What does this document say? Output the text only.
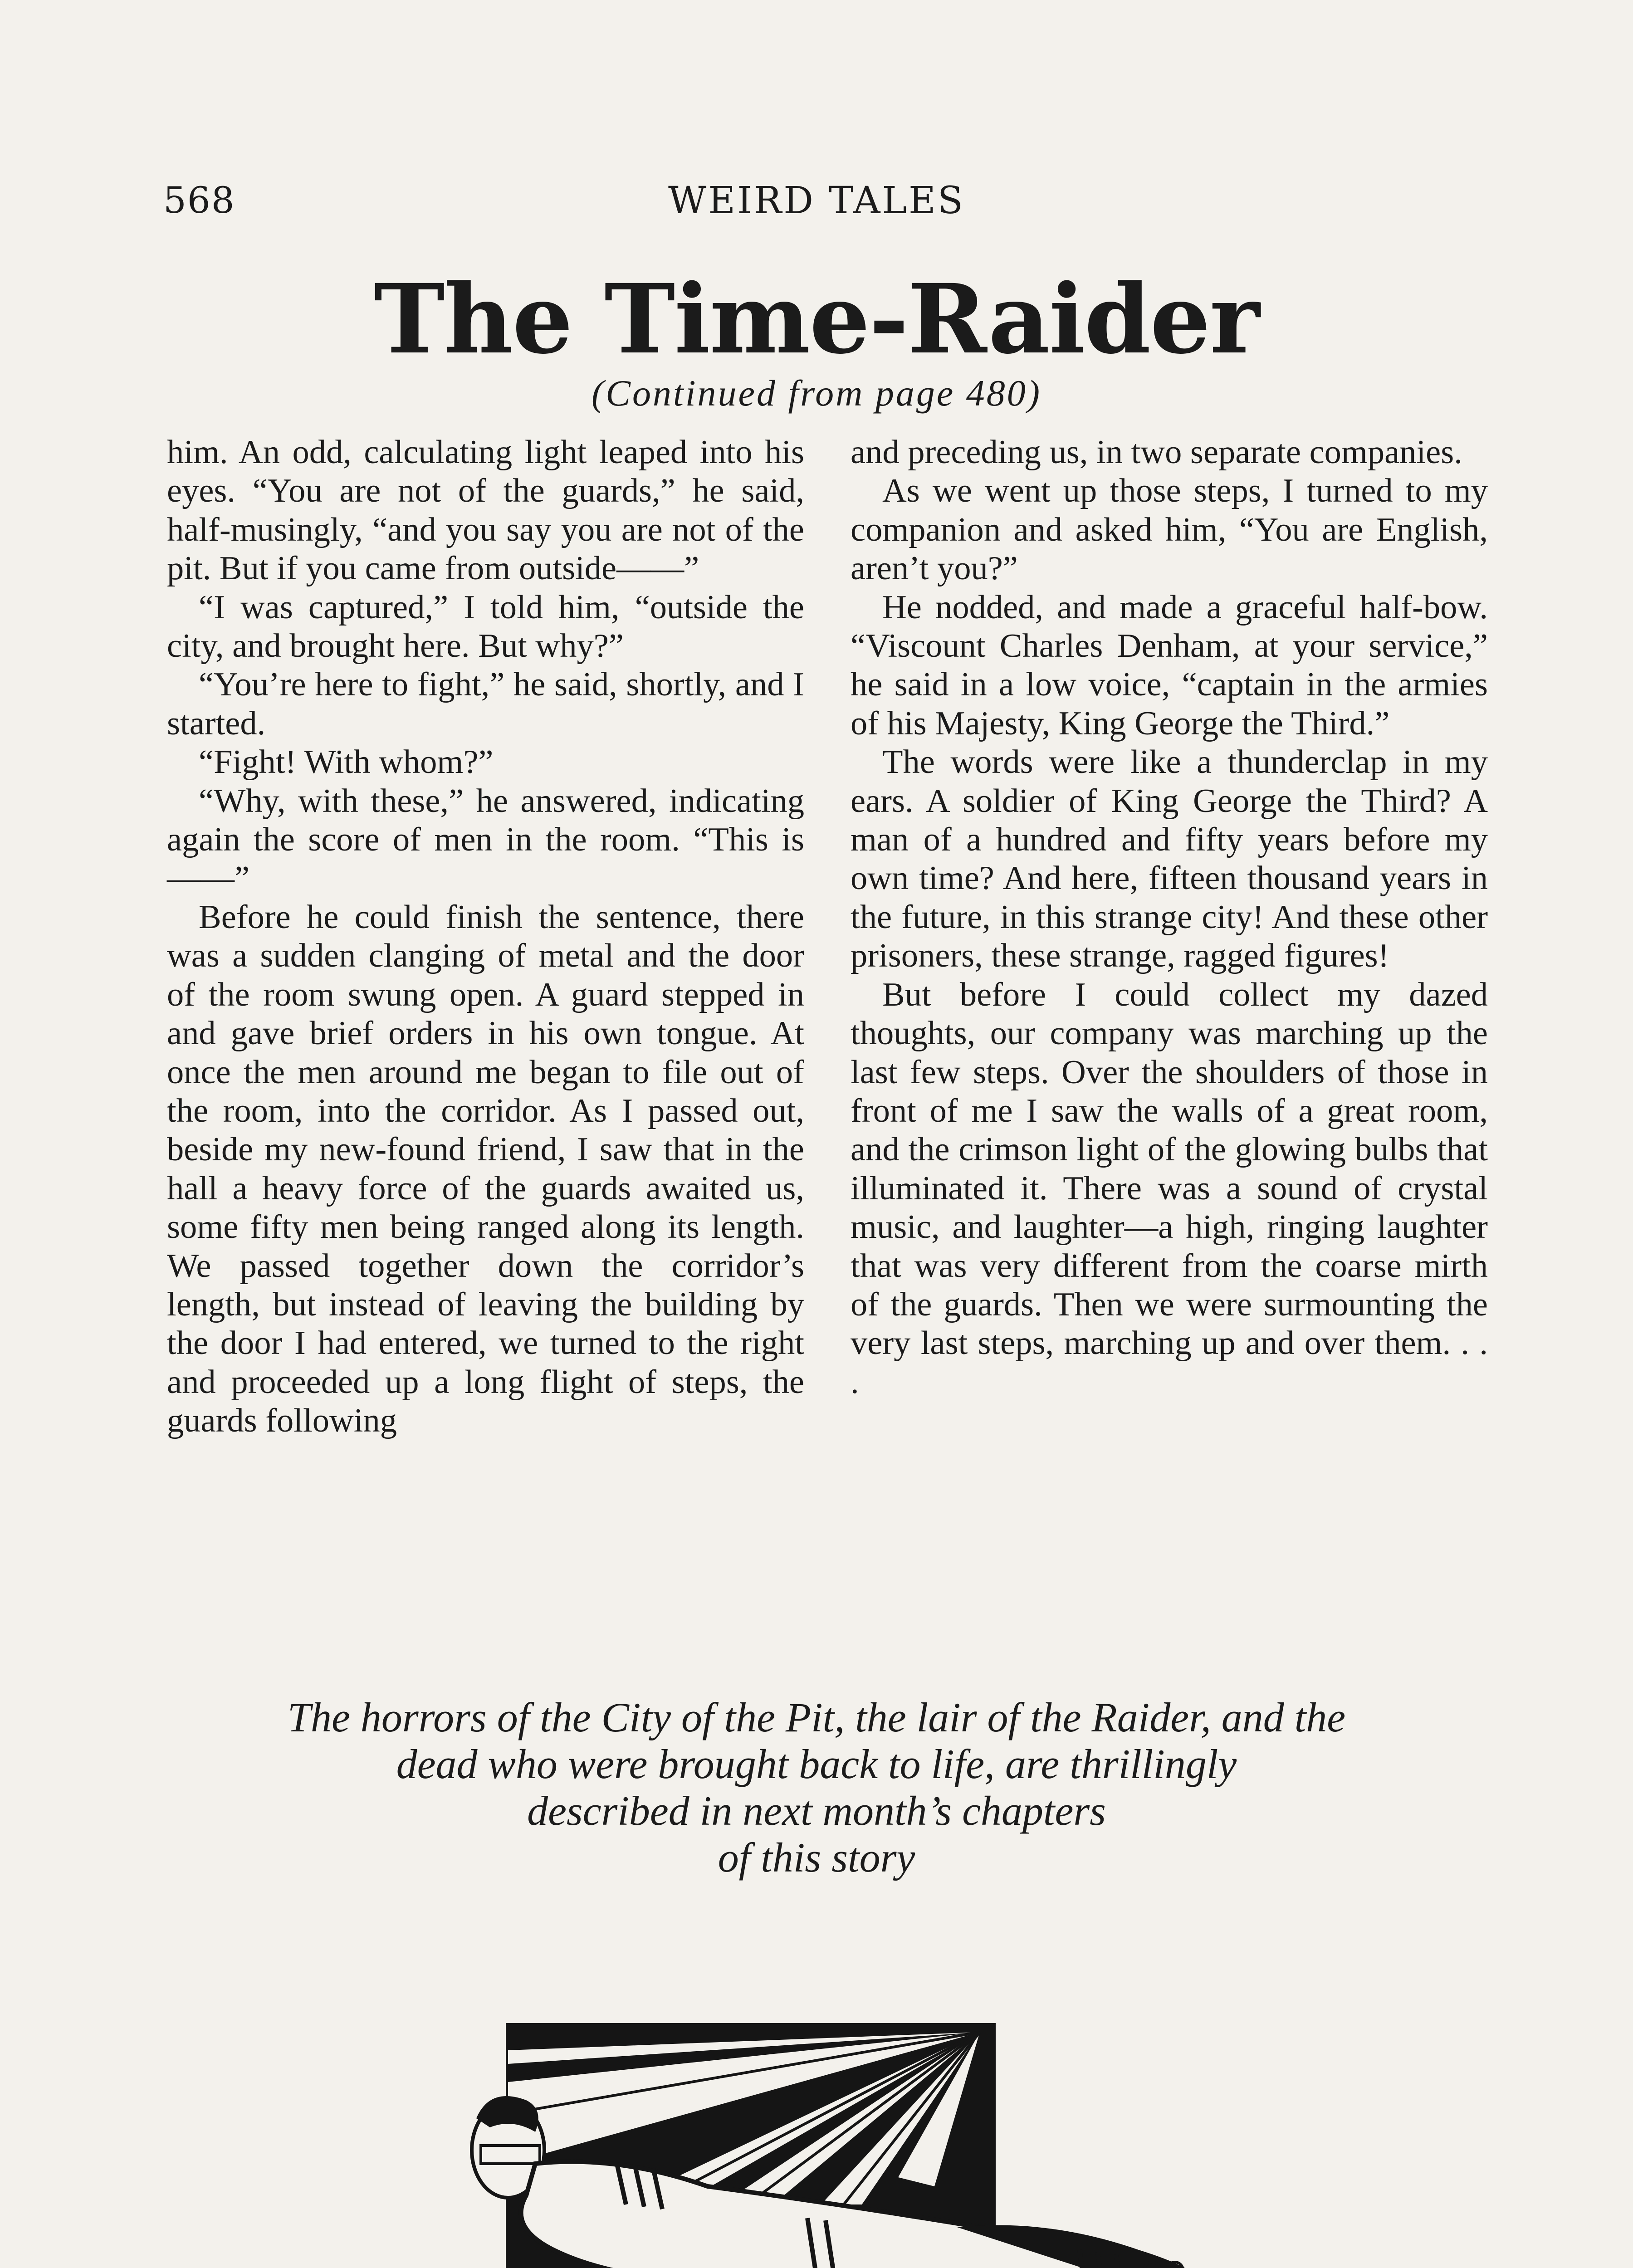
568	WEIRD TALES
The Time-Raider
(Continued from page 480)

him. An odd, calculating light leaped into his eyes. “You are not of the guards,” he said, half-musingly, “and you say you are not of the pit. But if you came from outside——”

“I was captured,” I told him, “outside the city, and brought here. But why?”

“You’re here to fight,” he said, shortly, and I started.

“Fight! With whom?”

“Why, with these,” he answered, indicating again the score of men in the room. “This is——”

Before he could finish the sentence, there was a sudden clanging of metal and the door of the room swung open. A guard stepped in and gave brief orders in his own tongue. At once the men around me began to file out of the room, into the corridor. As I passed out, beside my new-found friend, I saw that in the hall a heavy force of the guards awaited us, some fifty men being ranged along its length. We passed together down the corridor’s length, but instead of leaving the building by the door I had entered, we turned to the right and proceeded up a long flight of steps, the guards following

and preceding us, in two separate companies.

As we went up those steps, I turned to my companion and asked him, “You are English, aren’t you?”

He nodded, and made a graceful half-bow. “Viscount Charles Denham, at your service,” he said in a low voice, “captain in the armies of his Majesty, King George the Third.”

The words were like a thunderclap in my ears. A soldier of King George the Third? A man of a hundred and fifty years before my own time? And here, fifteen thousand years in the future, in this strange city! And these other prisoners, these strange, ragged figures!

But before I could collect my dazed thoughts, our company was marching up the last few steps. Over the shoulders of those in front of me I saw the walls of a great room, and the crimson light of the glowing bulbs that illuminated it. There was a sound of crystal music, and laughter—a high, ringing laughter that was very different from the coarse mirth of the guards. Then we were surmounting the very last steps, marching up and over them. . . .

The horrors of the City of the Pit, the lair of the Raider, and the
dead who were brought back to life, are thrillingly
described in next month’s chapters
of this story
